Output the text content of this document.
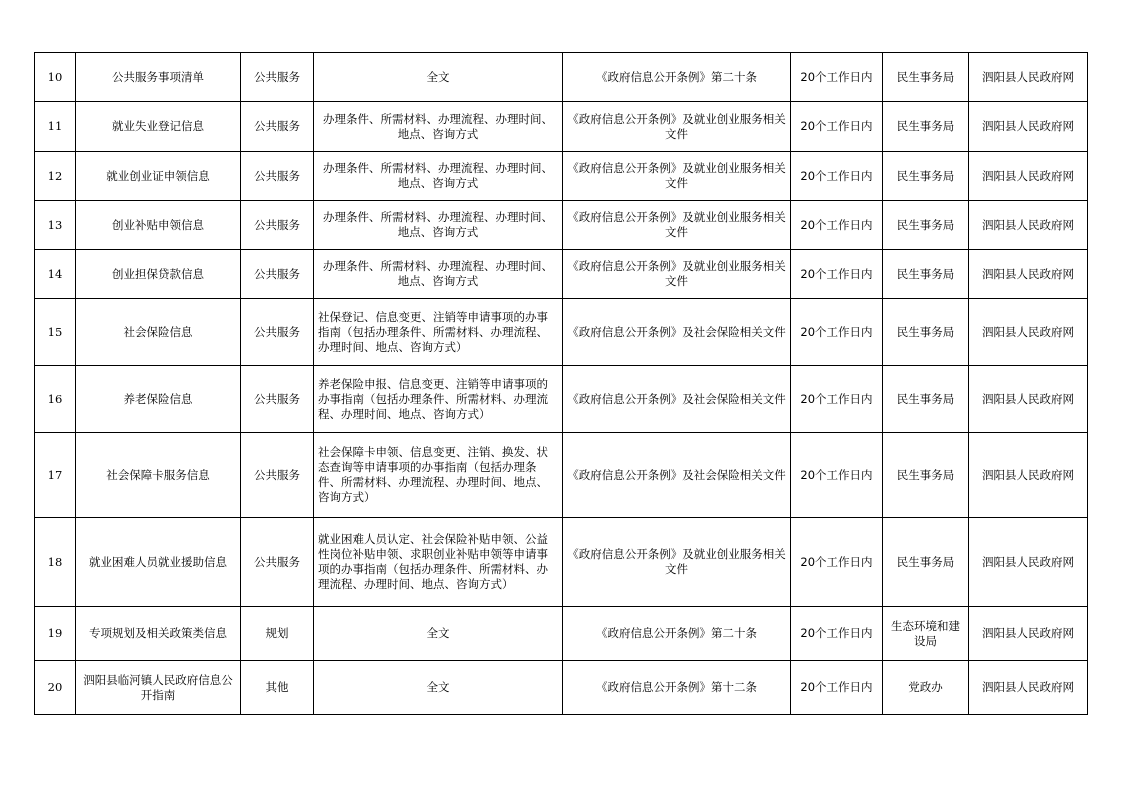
10	公共服务事项清单	公共服务	全文	《政府信息公开条例》第二十条	20个工作日内	民生事务局	泗阳县人民政府网
11	就业失业登记信息	公共服务	办理条件、所需材料、办理流程、办理时间、地点、咨询方式	《政府信息公开条例》及就业创业服务相关文件	20个工作日内	民生事务局	泗阳县人民政府网
12	就业创业证申领信息	公共服务	办理条件、所需材料、办理流程、办理时间、地点、咨询方式	《政府信息公开条例》及就业创业服务相关文件	20个工作日内	民生事务局	泗阳县人民政府网
13	创业补贴申领信息	公共服务	办理条件、所需材料、办理流程、办理时间、地点、咨询方式	《政府信息公开条例》及就业创业服务相关文件	20个工作日内	民生事务局	泗阳县人民政府网
14	创业担保贷款信息	公共服务	办理条件、所需材料、办理流程、办理时间、地点、咨询方式	《政府信息公开条例》及就业创业服务相关文件	20个工作日内	民生事务局	泗阳县人民政府网
15	社会保险信息	公共服务	社保登记、信息变更、注销等申请事项的办事指南（包括办理条件、所需材料、办理流程、办理时间、地点、咨询方式）	《政府信息公开条例》及社会保险相关文件	20个工作日内	民生事务局	泗阳县人民政府网
16	养老保险信息	公共服务	养老保险申报、信息变更、注销等申请事项的办事指南（包括办理条件、所需材料、办理流程、办理时间、地点、咨询方式）	《政府信息公开条例》及社会保险相关文件	20个工作日内	民生事务局	泗阳县人民政府网
17	社会保障卡服务信息	公共服务	社会保障卡申领、信息变更、注销、换发、状态查询等申请事项的办事指南（包括办理条件、所需材料、办理流程、办理时间、地点、咨询方式）	《政府信息公开条例》及社会保险相关文件	20个工作日内	民生事务局	泗阳县人民政府网
18	就业困难人员就业援助信息	公共服务	就业困难人员认定、社会保险补贴申领、公益性岗位补贴申领、求职创业补贴申领等申请事项的办事指南（包括办理条件、所需材料、办理流程、办理时间、地点、咨询方式）	《政府信息公开条例》及就业创业服务相关文件	20个工作日内	民生事务局	泗阳县人民政府网
19	专项规划及相关政策类信息	规划	全文	《政府信息公开条例》第二十条	20个工作日内	生态环境和建设局	泗阳县人民政府网
20	泗阳县临河镇人民政府信息公开指南	其他	全文	《政府信息公开条例》第十二条	20个工作日内	党政办	泗阳县人民政府网
